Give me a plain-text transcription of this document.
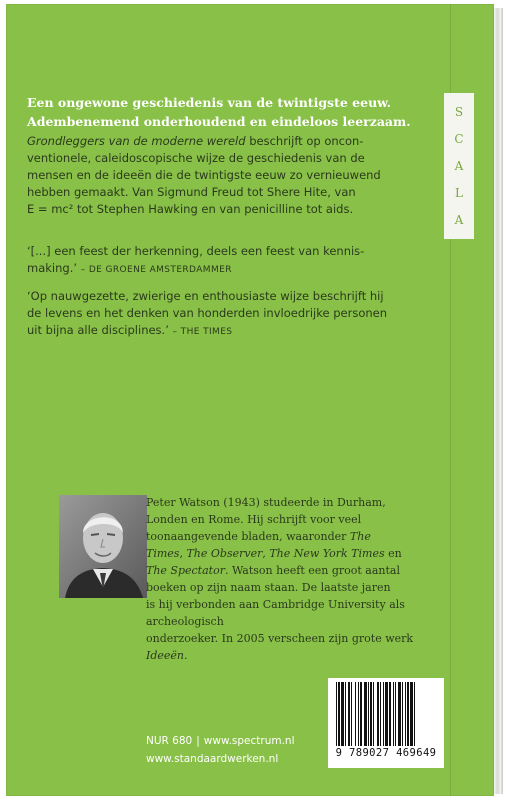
S
C
A
L
A
Een ongewone geschiedenis van de twintigste eeuw.
Adembenemend onderhoudend en eindeloos leerzaam.
Grondleggers van de moderne wereld beschrijft op oncon-
ventionele, caleidoscopische wijze de geschiedenis van de
mensen en de ideeën die de twintigste eeuw zo vernieuwend
hebben gemaakt. Van Sigmund Freud tot Shere Hite, van
E = mc² tot Stephen Hawking en van penicilline tot aids.
‘[...] een feest der herkenning, deels een feest van kennis-
making.’ – DE GROENE AMSTERDAMMER
‘Op nauwgezette, zwierige en enthousiaste wijze beschrijft hij
de levens en het denken van honderden invloedrijke personen
uit bijna alle disciplines.’ – THE TIMES
Peter Watson (1943) studeerde in Durham,
Londen en Rome. Hij schrijft voor veel
toonaangevende bladen, waaronder The
Times, The Observer, The New York Times en
The Spectator. Watson heeft een groot aantal
boeken op zijn naam staan. De laatste jaren
is hij verbonden aan Cambridge University als archeologisch
onderzoeker. In 2005 verscheen zijn grote werk Ideeën.
NUR 680 | www.spectrum.nl
www.standaardwerken.nl	9 789027 469649
